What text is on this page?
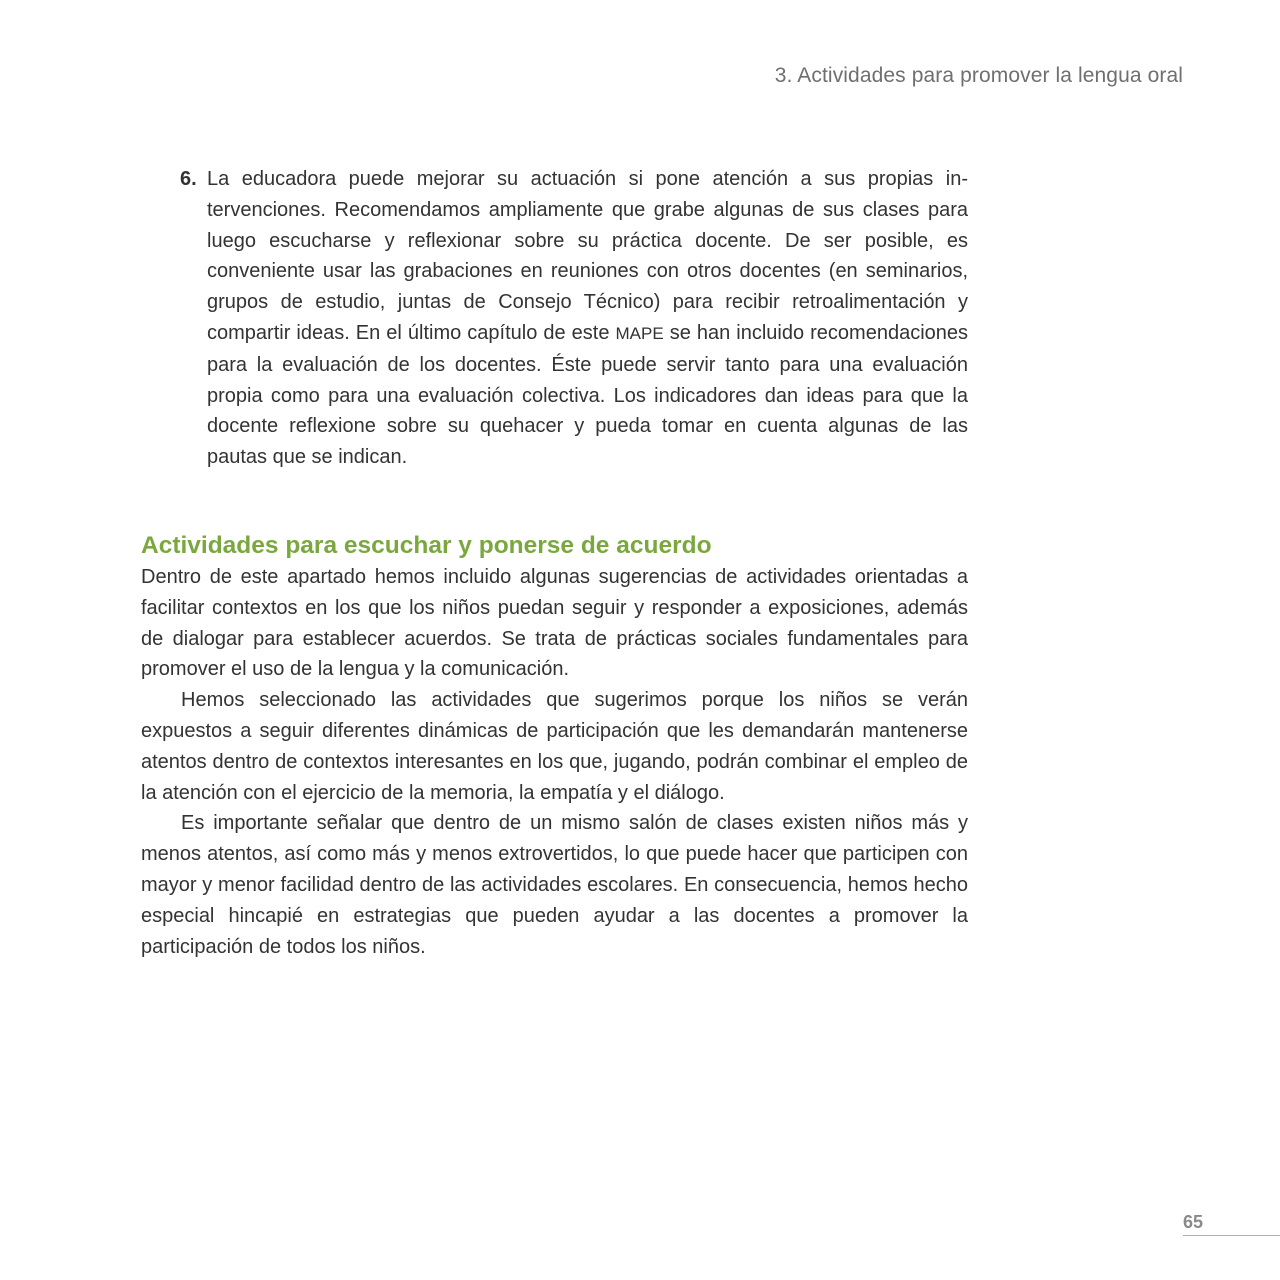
3. Actividades para promover la lengua oral
6. La educadora puede mejorar su actuación si pone atención a sus propias intervenciones. Recomendamos ampliamente que grabe algunas de sus clases para luego escucharse y reflexionar sobre su práctica docente. De ser posible, es conveniente usar las grabaciones en reuniones con otros docentes (en seminarios, grupos de estudio, juntas de Consejo Técnico) para recibir retroalimentación y compartir ideas. En el último capítulo de este MAPE se han incluido recomendaciones para la evaluación de los docentes. Éste puede servir tanto para una evaluación propia como para una evaluación colectiva. Los indicadores dan ideas para que la docente reflexione sobre su quehacer y pueda tomar en cuenta algunas de las pautas que se indican.
Actividades para escuchar y ponerse de acuerdo

Dentro de este apartado hemos incluido algunas sugerencias de actividades orientadas a facilitar contextos en los que los niños puedan seguir y responder a exposiciones, además de dialogar para establecer acuerdos. Se trata de prácticas sociales fundamentales para promover el uso de la lengua y la comunicación.

Hemos seleccionado las actividades que sugerimos porque los niños se verán expuestos a seguir diferentes dinámicas de participación que les demandarán mantenerse atentos dentro de contextos interesantes en los que, jugando, podrán combinar el empleo de la atención con el ejercicio de la memoria, la empatía y el diálogo.

Es importante señalar que dentro de un mismo salón de clases existen niños más y menos atentos, así como más y menos extrovertidos, lo que puede hacer que participen con mayor y menor facilidad dentro de las actividades escolares. En consecuencia, hemos hecho especial hincapié en estrategias que pueden ayudar a las docentes a promover la participación de todos los niños.

65
